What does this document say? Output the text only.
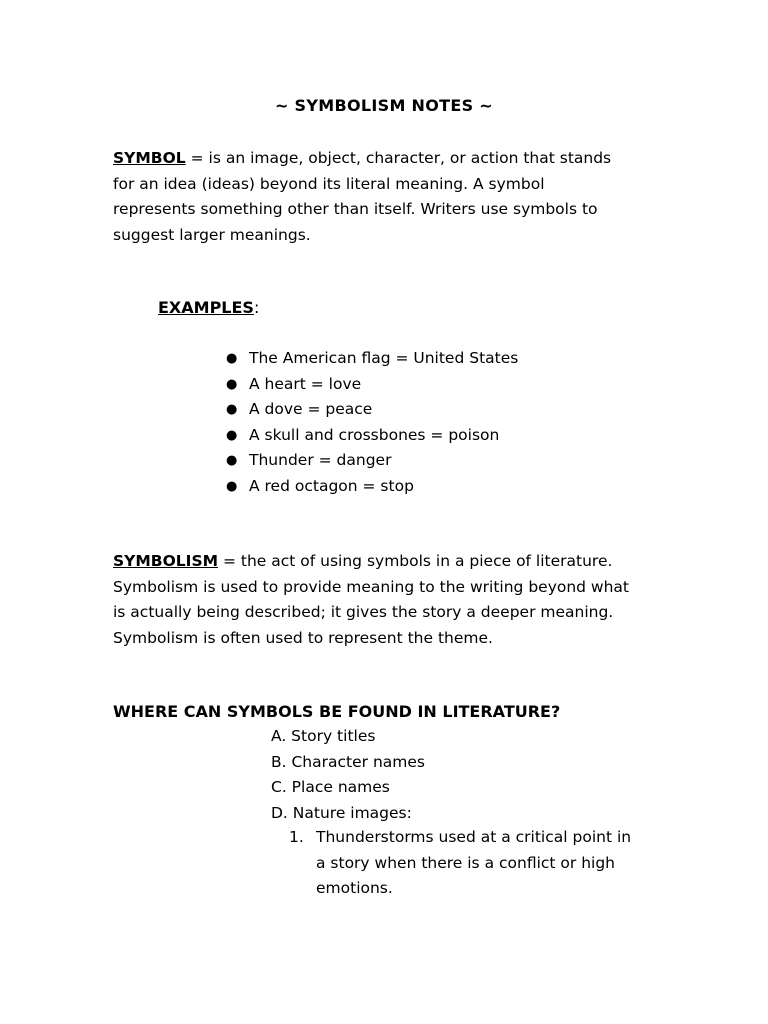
~ SYMBOLISM NOTES ~
SYMBOL = is an image, object, character, or action that stands
for an idea (ideas) beyond its literal meaning. A symbol
represents something other than itself. Writers use symbols to
suggest larger meanings.
EXAMPLES:
● The American flag = United States
● A heart = love
● A dove = peace
● A skull and crossbones = poison
● Thunder = danger
● A red octagon = stop
SYMBOLISM = the act of using symbols in a piece of literature.
Symbolism is used to provide meaning to the writing beyond what
is actually being described; it gives the story a deeper meaning.
Symbolism is often used to represent the theme.
WHERE CAN SYMBOLS BE FOUND IN LITERATURE?
A. Story titles
B. Character names
C. Place names
D. Nature images:
1. Thunderstorms used at a critical point in
a story when there is a conflict or high
emotions.
